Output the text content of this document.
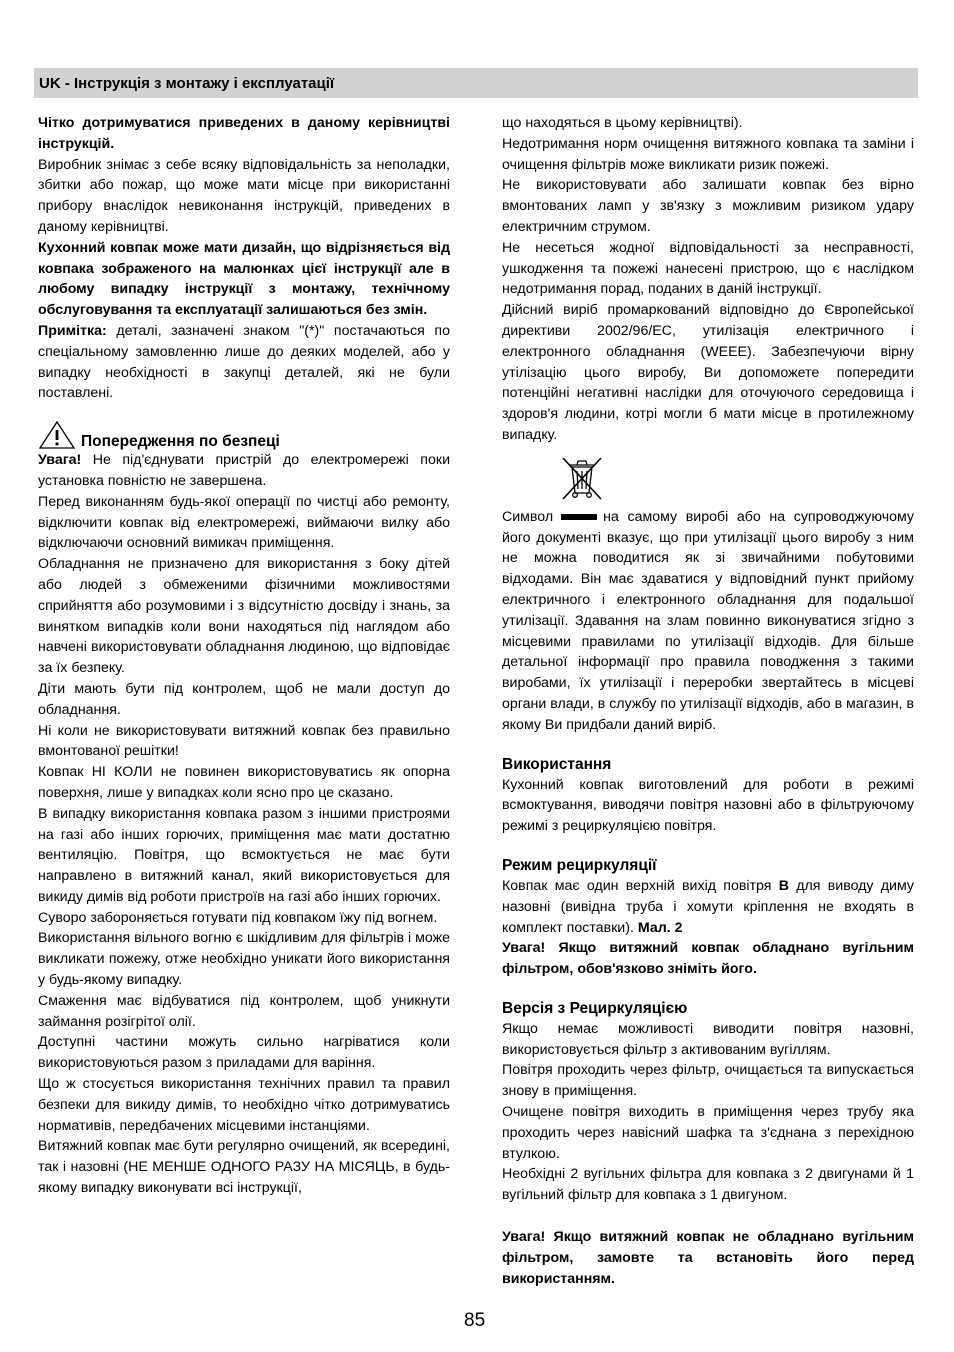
UK - Інструкція з монтажу і експлуатації

Чітко дотримуватися приведених в даному керівництві інструкцій.

Виробник знімає з себе всяку відповідальність за неполадки, збитки або пожар, що може мати місце при використанні прибору внаслідок невиконання інструкцій, приведених в даному керівництві.

Кухонний ковпак може мати дизайн, що відрізняється від ковпака зображеного на малюнках цієї інструкції але в любому випадку інструкції з монтажу, технічному обслуговування та експлуатації залишаються без змін.

Примітка: деталі, зазначені знаком "(*)" постачаються по спеціальному замовленню лише до деяких моделей, або у випадку необхідності в закупці деталей, які не були поставлені.

Попередження по безпеці

Увага! Не під'єднувати пристрій до електромережі поки установка повністю не завершена.

Перед виконанням будь-якої операції по чистці або ремонту, відключити ковпак від електромережі, виймаючи вилку або відключаючи основний вимикач приміщення.

Обладнання не призначено для використання з боку дітей або людей з обмеженими фізичними можливостями сприйняття або розумовими і з відсутністю досвіду і знань, за винятком випадків коли вони находяться під наглядом або навчені використовувати обладнання людиною, що відповідає за їх безпеку.

Діти мають бути під контролем, щоб не мали доступ до обладнання.

Ні коли не використовувати витяжний ковпак без правильно вмонтованої решітки!

Ковпак НІ КОЛИ не повинен використовуватись як опорна поверхня, лише у випадках коли ясно про це сказано.

В випадку використання ковпака разом з іншими пристроями на газі або інших горючих, приміщення має мати достатню вентиляцію. Повітря, що всмоктується не має бути направлено в витяжний канал, який використовується для викиду димів від роботи пристроїв на газі або інших горючих.

Суворо забороняється готувати під ковпаком їжу під вогнем.

Використання вільного вогню є шкідливим для фільтрів і може викликати пожежу, отже необхідно уникати його використання у будь-якому випадку.

Смаження має відбуватися під контролем, щоб уникнути займання розігрітої олії.

Доступні частини можуть сильно нагріватися коли використовуються разом з приладами для варіння.

Що ж стосується використання технічних правил та правил безпеки для викиду димів, то необхідно чітко дотримуватись нормативів, передбачених місцевими інстанціями.

Витяжний ковпак має бути регулярно очищений, як всередині, так і назовні (НЕ МЕНШЕ ОДНОГО РАЗУ НА МІСЯЦЬ, в будь-якому випадку виконувати всі інструкції,

що находяться в цьому керівництві).

Недотримання норм очищення витяжного ковпака та заміни і очищення фільтрів може викликати ризик пожежі.

Не використовувати або залишати ковпак без вірно вмонтованих ламп у зв'язку з можливим ризиком удару електричним струмом.

Не несеться жодної відповідальності за несправності, ушкодження та пожежі нанесені пристрою, що є наслідком недотримання порад, поданих в даній інструкції.

Дійсний виріб промаркований відповідно до Європейської директиви 2002/96/EC, утилізація електричного і електронного обладнання (WEEE). Забезпечуючи вірну утілізацію цього виробу, Ви допоможете попередити потенційні негативні наслідки для оточуючого середовища і здоров'я людини, котрі могли б мати місце в протилежному випадку.

Символ	на самому виробі або на супроводжуючому його документі вказує, що при утилізації цього виробу з ним не можна поводитися як зі звичайними побутовими відходами. Він має здаватися у відповідний пункт прийому електричного і електронного обладнання для подальшої утилізації. Здавання на злам повинно виконуватися згідно з місцевими правилами по утилізації відходів. Для більше детальної інформації про правила поводження з такими виробами, їх утилізації і переробки звертайтесь в місцеві органи влади, в службу по утилізації відходів, або в магазин, в якому Ви придбали даний виріб.

Використання

Кухонний ковпак виготовлений для роботи в режимі всмоктування, виводячи повітря назовні або в фільтруючому режимі з рециркуляцією повітря.

Режим рециркуляції

Ковпак має один верхній вихід повітря B для виводу диму назовні (вивідна труба і хомути кріплення не входять в комплект поставки). Мал. 2

Увага! Якщо витяжний ковпак обладнано вугільним фільтром, обов'язково зніміть його.

Версія з Рециркуляцією

Якщо немає можливості виводити повітря назовні, використовується фільтр з активованим вугіллям.

Повітря проходить через фільтр, очищається та випускається знову в приміщення.

Очищене повітря виходить в приміщення через трубу яка проходить через навісний шафка та з'єднана з перехідною втулкою.

Необхідні 2 вугільних фільтра для ковпака з 2 двигунами й 1 вугільний фільтр для ковпака з 1 двигуном.

Увага! Якщо витяжний ковпак не обладнано вугільним фільтром, замовте та встановіть його перед використанням.

85
